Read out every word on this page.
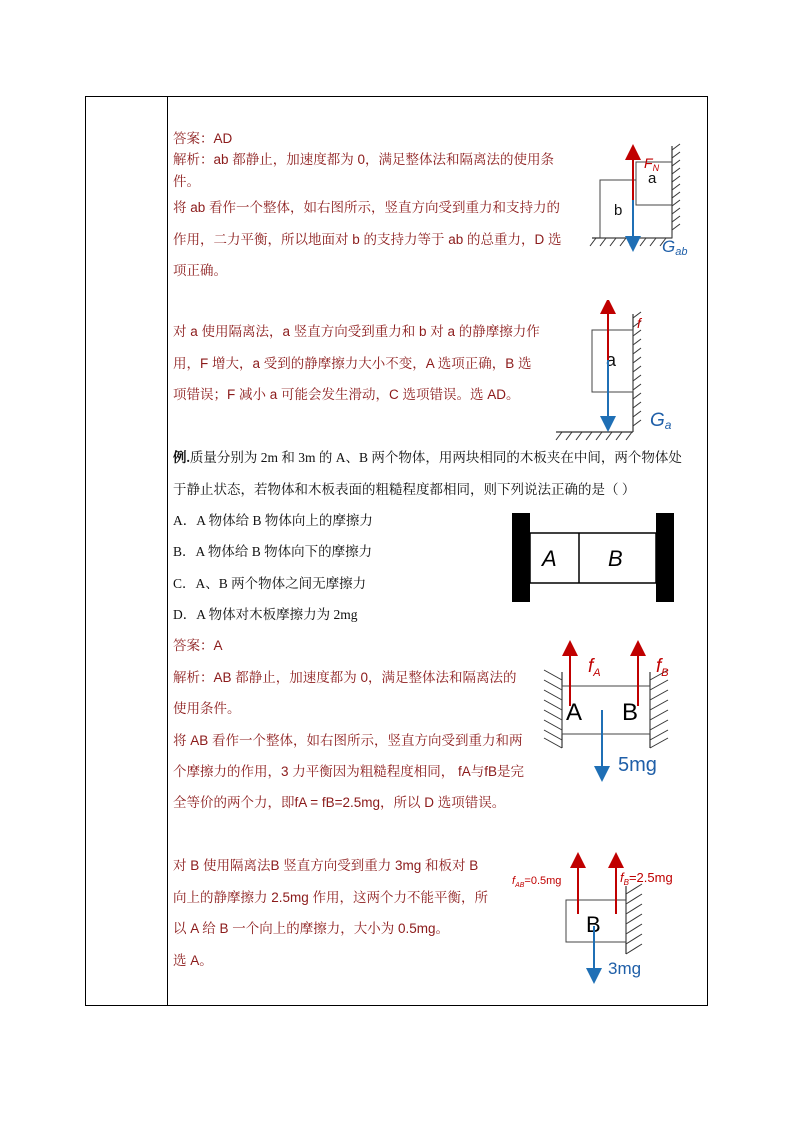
答案：AD
解析：ab 都静止，加速度都为 0，满足整体法和隔离法的使用条
件。
将 ab 看作一个整体，如右图所示，竖直方向受到重力和支持力的
作用，二力平衡，所以地面对 b 的支持力等于 ab 的总重力，D 选
项正确。
对 a 使用隔离法，a 竖直方向受到重力和 b 对 a 的静摩擦力作
用，F 增大，a 受到的静摩擦力大小不变，A 选项正确，B 选
项错误；F 减小 a 可能会发生滑动，C 选项错误。选 AD。
a
b
$F_N$
Gab
a
f
Ga
例.质量分别为 2m 和 3m 的 A、B 两个物体，用两块相同的木板夹在中间，两个物体处
于静止状态，若物体和木板表面的粗糙程度都相同，则下列说法正确的是（ ）
A．A 物体给 B 物体向上的摩擦力
B．A 物体给 B 物体向下的摩擦力
C．A、B 两个物体之间无摩擦力
D．A 物体对木板摩擦力为 2mg
A B
答案：A
解析：AB 都静止，加速度都为 0，满足整体法和隔离法的
使用条件。
将 AB 看作一个整体，如右图所示，竖直方向受到重力和两
个摩擦力的作用，3 力平衡因为粗糙程度相同， fA与fB是完
全等价的两个力，即fA = fB=2.5mg，所以 D 选项错误。
对 B 使用隔离法B 竖直方向受到重力 3mg 和板对 B
向上的静摩擦力 2.5mg 作用，这两个力不能平衡，所
以 A 给 B 一个向上的摩擦力，大小为 0.5mg。
选 A。
A B
$f_A$	$f_B$
5mg
B
$f_{AB}=0.5mg$	$f_B=2.5mg$
3mg
